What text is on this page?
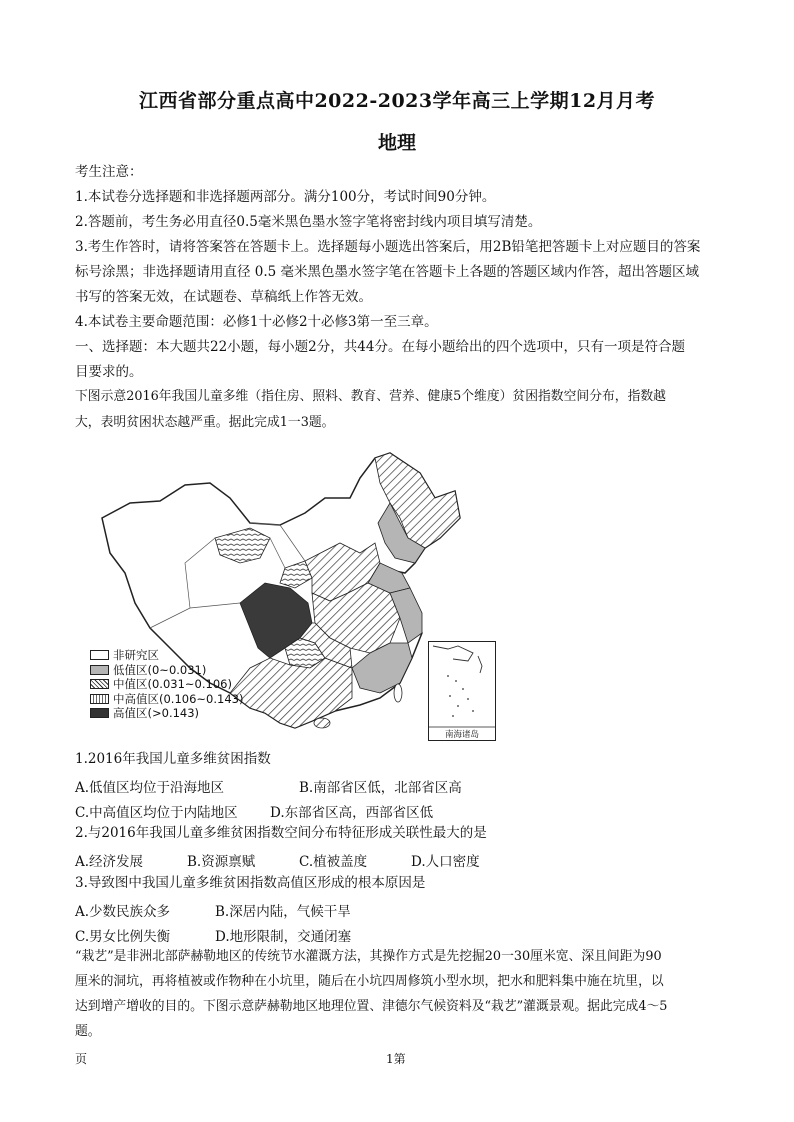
江西省部分重点高中2022-2023学年高三上学期12月月考
地理
考生注意：
1.本试卷分选择题和非选择题两部分。满分100分，考试时间90分钟。
2.答题前，考生务必用直径0.5毫米黑色墨水签字笔将密封线内项目填写清楚。
3.考生作答时，请将答案答在答题卡上。选择题每小题选出答案后，用2B铅笔把答题卡上对应题目的答案
标号涂黑；非选择题请用直径 0.5 毫米黑色墨水签字笔在答题卡上各题的答题区域内作答，超出答题区域
书写的答案无效，在试题卷、草稿纸上作答无效。
4.本试卷主要命题范围：必修1十必修2十必修3第一至三章。
一、选择题：本大题共22小题，每小题2分，共44分。在每小题给出的四个选项中，只有一项是符合题
目要求的。
下图示意2016年我国儿童多维（指住房、照料、教育、营养、健康5个维度）贫困指数空间分布，指数越
大，表明贫困状态越严重。据此完成1一3题。
南海诸岛
非研究区
低值区(0~0.031)
中值区(0.031~0.106)
中高值区(0.106~0.143)
高值区(>0.143)
1.2016年我国儿童多维贫困指数
A.低值区均位于沿海地区	B.南部省区低，北部省区高
C.中高值区均位于内陆地区 D.东部省区高，西部省区低
2.与2016年我国儿童多维贫困指数空间分布特征形成关联性最大的是
A.经济发展	B.资源禀赋	C.植被盖度	D.人口密度
3.导致图中我国儿童多维贫困指数高值区形成的根本原因是
A.少数民族众多	B.深居内陆，气候干旱
C.男女比例失衡	D.地形限制，交通闭塞
“栽艺”是非洲北部萨赫勒地区的传统节水灌溉方法，其操作方式是先挖掘20一30厘米宽、深且间距为90
厘米的洞坑，再将植被或作物种在小坑里，随后在小坑四周修筑小型水坝，把水和肥料集中施在坑里，以
达到增产增收的目的。下图示意萨赫勒地区地理位置、津德尔气候资料及“栽艺”灌溉景观。据此完成4～5
题。
页	1第
